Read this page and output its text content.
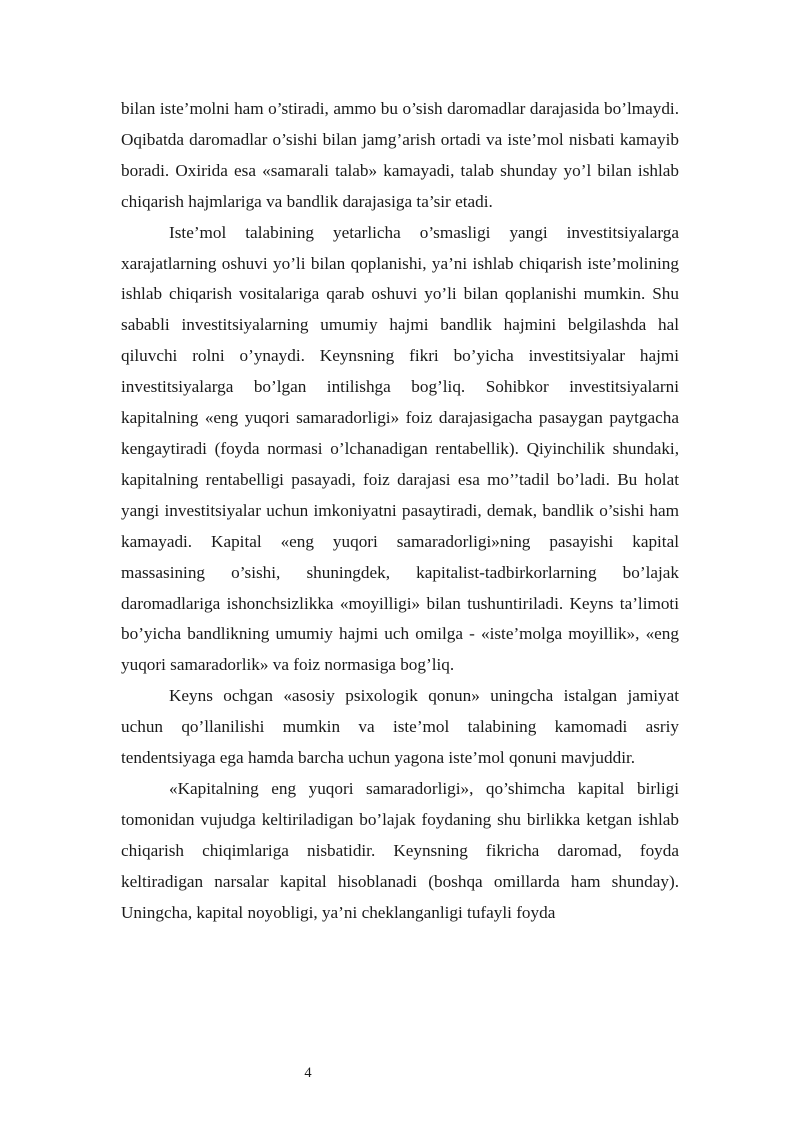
bilan iste’molni ham o’stiradi, ammo bu o’sish daromadlar darajasida bo’lmaydi. Oqibatda daromadlar o’sishi bilan jamg’arish ortadi va iste’mol nisbati kamayib boradi. Oxirida esa «samarali talab» kamayadi, talab shunday yo’l bilan ishlab chiqarish hajmlariga va bandlik darajasiga ta’sir etadi.

Iste’mol talabining yetarlicha o’smasligi yangi investitsiyalarga xarajatlarning oshuvi yo’li bilan qoplanishi, ya’ni ishlab chiqarish iste’molining ishlab chiqarish vositalariga qarab oshuvi yo’li bilan qoplanishi mumkin. Shu sababli investitsiyalarning umumiy hajmi bandlik hajmini belgilashda hal qiluvchi rolni o’ynaydi. Keynsning fikri bo’yicha investitsiyalar hajmi investitsiyalarga bo’lgan intilishga bog’liq. Sohibkor investitsiyalarni kapitalning «eng yuqori samaradorligi» foiz darajasigacha pasaygan paytgacha kengaytiradi (foyda normasi o’lchanadigan rentabellik). Qiyinchilik shundaki, kapitalning rentabelligi pasayadi, foiz darajasi esa mo’’tadil bo’ladi. Bu holat yangi investitsiyalar uchun imkoniyatni pasaytiradi, demak, bandlik o’sishi ham kamayadi. Kapital «eng yuqori samaradorligi»ning pasayishi kapital massasining o’sishi, shuningdek, kapitalist-tadbirkorlarning bo’lajak daromadlariga ishonchsizlikka «moyilligi» bilan tushuntiriladi. Keyns ta’limoti bo’yicha bandlikning umumiy hajmi uch omilga - «iste’molga moyillik», «eng yuqori samaradorlik» va foiz normasiga bog’liq.

Keyns ochgan «asosiy psixologik qonun» uningcha istalgan jamiyat uchun qo’llanilishi mumkin va iste’mol talabining kamomadi asriy tendentsiyaga ega hamda barcha uchun yagona iste’mol qonuni mavjuddir.

«Kapitalning eng yuqori samaradorligi», qo’shimcha kapital birligi tomonidan vujudga keltiriladigan bo’lajak foydaning shu birlikka ketgan ishlab chiqarish chiqimlariga nisbatidir. Keynsning fikricha daromad, foyda keltiradigan narsalar kapital hisoblanadi (boshqa omillarda ham shunday). Uningcha, kapital noyobligi, ya’ni cheklanganligi tufayli foyda

4
